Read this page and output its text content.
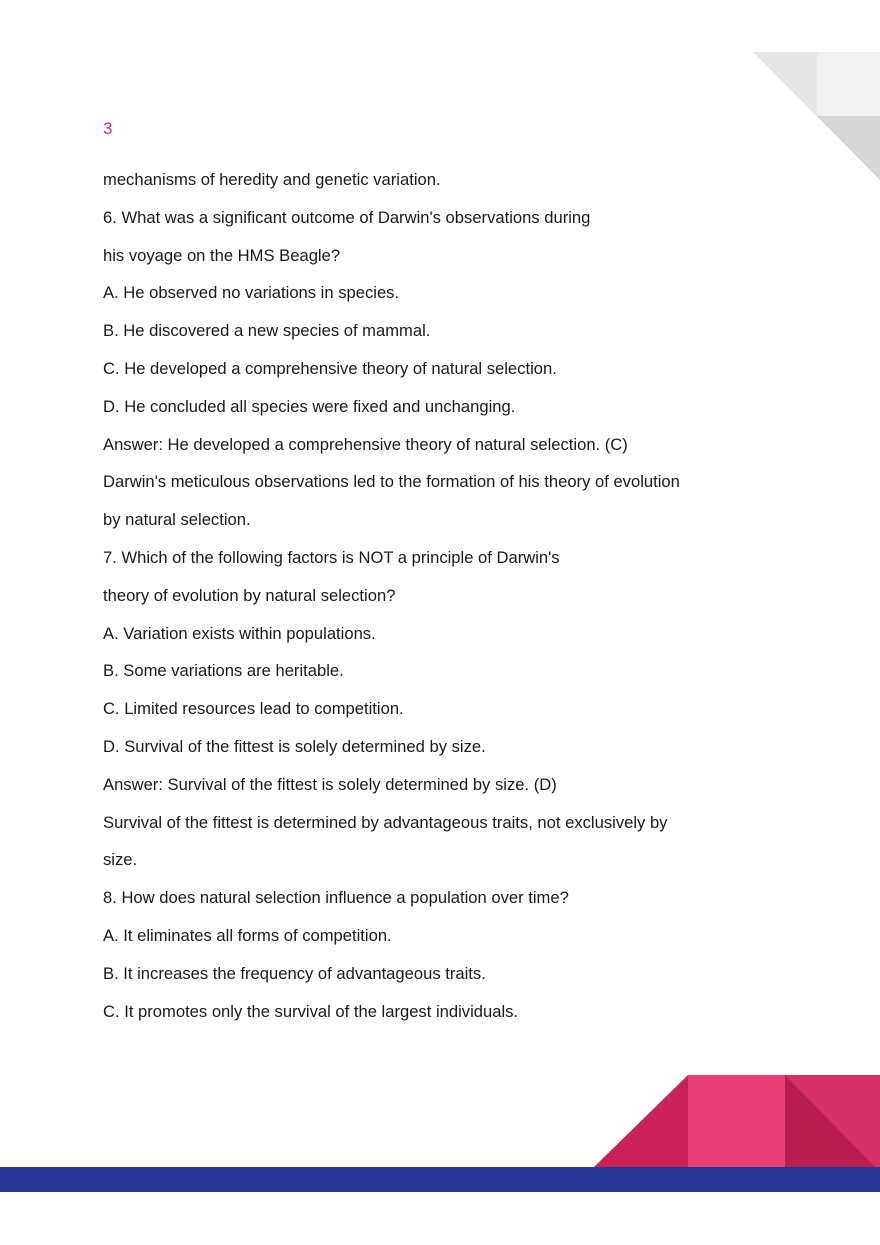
3
mechanisms of heredity and genetic variation.
6. What was a significant outcome of Darwin's observations during
his voyage on the HMS Beagle?
A. He observed no variations in species.
B. He discovered a new species of mammal.
C. He developed a comprehensive theory of natural selection.
D. He concluded all species were fixed and unchanging.
Answer: He developed a comprehensive theory of natural selection. (C)
Darwin's meticulous observations led to the formation of his theory of evolution
by natural selection.
7. Which of the following factors is NOT a principle of Darwin's
theory of evolution by natural selection?
A. Variation exists within populations.
B. Some variations are heritable.
C. Limited resources lead to competition.
D. Survival of the fittest is solely determined by size.
Answer: Survival of the fittest is solely determined by size. (D)
Survival of the fittest is determined by advantageous traits, not exclusively by
size.
8. How does natural selection influence a population over time?
A. It eliminates all forms of competition.
B. It increases the frequency of advantageous traits.
C. It promotes only the survival of the largest individuals.
